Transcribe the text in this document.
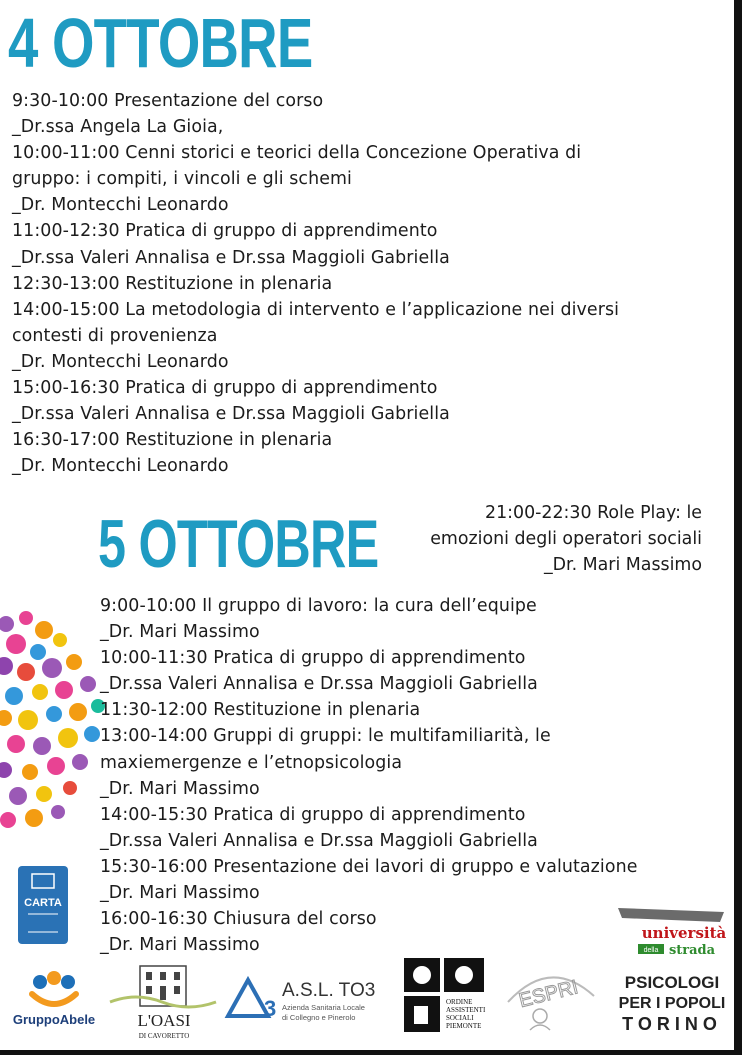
4 OTTOBRE
9:30-10:00 Presentazione del corso
_Dr.ssa Angela La Gioia,
10:00-11:00 Cenni storici e teorici della Concezione Operativa di
gruppo: i compiti, i vincoli e gli schemi
_Dr. Montecchi Leonardo
11:00-12:30 Pratica di gruppo di apprendimento
_Dr.ssa Valeri Annalisa e Dr.ssa Maggioli Gabriella
12:30-13:00 Restituzione in plenaria
14:00-15:00 La metodologia di intervento e l’applicazione nei diversi
contesti di provenienza
_Dr. Montecchi Leonardo
15:00-16:30 Pratica di gruppo di apprendimento
_Dr.ssa Valeri Annalisa e Dr.ssa Maggioli Gabriella
16:30-17:00 Restituzione in plenaria
_Dr. Montecchi Leonardo

21:00-22:30 Role Play: le
emozioni degli operatori sociali
_Dr. Mari Massimo

5 OTTOBRE
9:00-10:00 Il gruppo di lavoro: la cura dell’equipe
_Dr. Mari Massimo
10:00-11:30 Pratica di gruppo di apprendimento
_Dr.ssa Valeri Annalisa e Dr.ssa Maggioli Gabriella
11:30-12:00 Restituzione in plenaria
13:00-14:00 Gruppi di gruppi: le multifamiliarità, le
maxiemergenze e l’etnopsicologia
_Dr. Mari Massimo
14:00-15:30 Pratica di gruppo di apprendimento
_Dr.ssa Valeri Annalisa e Dr.ssa Maggioli Gabriella
15:30-16:00 Presentazione dei lavori di gruppo e valutazione
_Dr. Mari Massimo
16:00-16:30 Chiusura del corso
_Dr. Mari Massimo
CARTA
GruppoAbele L'OASI
DI CAVORETTO
3
A.S.L. TO3
Azienda Sanitaria Locale
di Collegno e Pinerolo
ORDINE
ASSISTENTI
SOCIALI
PIEMONTE
ESPRI
università
della strada
PSICOLOGI
PER I POPOLI
TORINO
